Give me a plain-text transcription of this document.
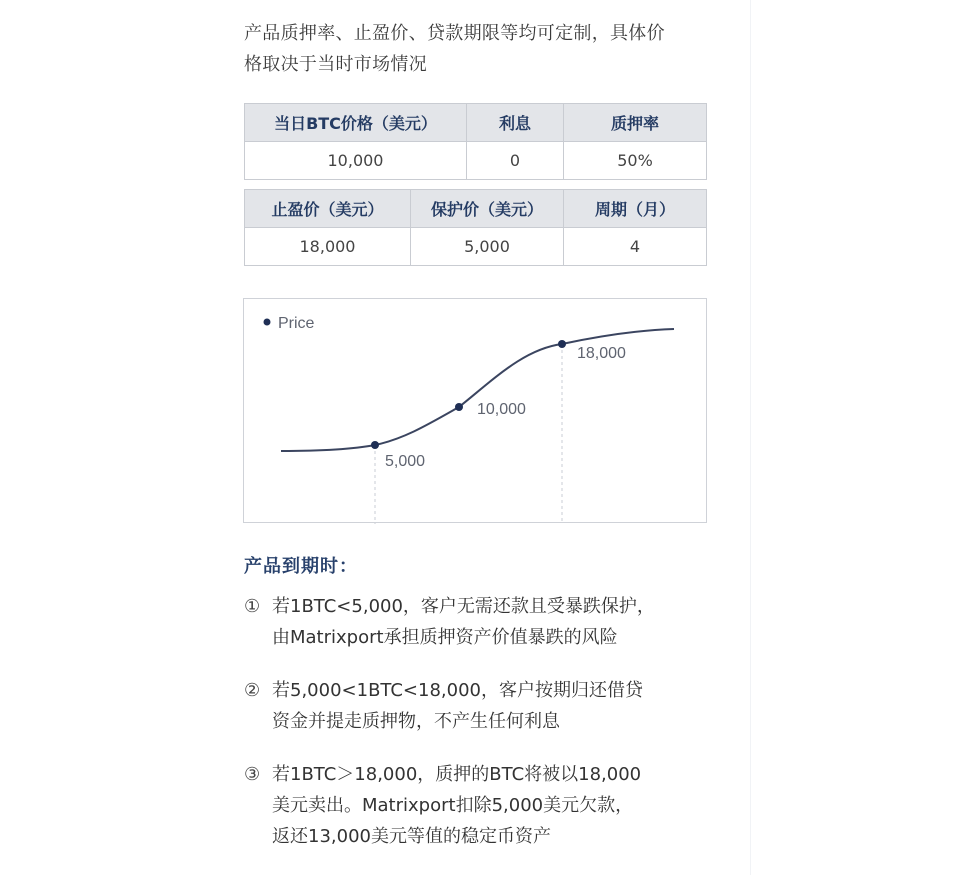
产品质押率、止盈价、贷款期限等均可定制，具体价

格取决于当时市场情况

当日BTC价格（美元）	利息	质押率
10,000	0	50%
止盈价（美元）	保护价（美元）	周期（月）
18,000	5,000	4
Price
5,000
10,000
18,000
产品到期时：
① 若1BTC<5,000，客户无需还款且受暴跌保护，
由Matrixport承担质押资产价值暴跌的风险
② 若5,000<1BTC<18,000，客户按期归还借贷
资金并提走质押物，不产生任何利息
③ 若1BTC＞18,000，质押的BTC将被以18,000
美元卖出。Matrixport扣除5,000美元欠款，
返还13,000美元等值的稳定币资产
